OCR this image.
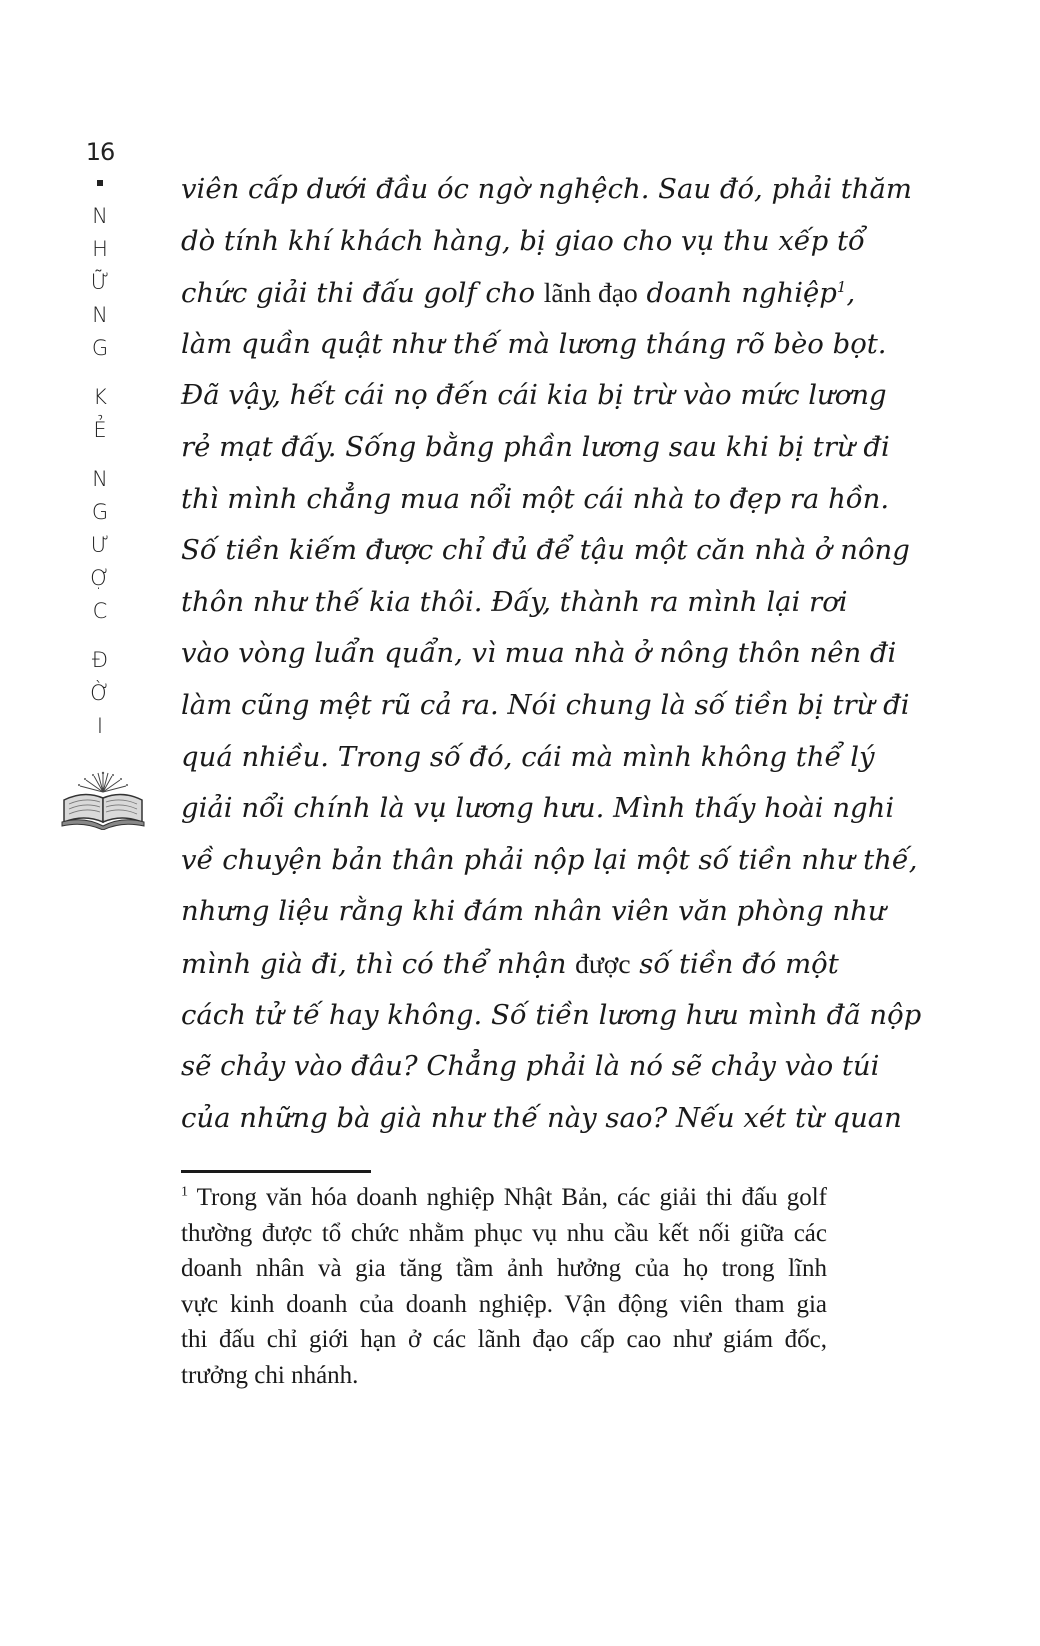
16
N
H
Ữ
N
G
K
Ẻ
N
G
Ư
Ợ
C
Đ
Ờ
I
viên cấp dưới đầu óc ngờ nghệch. Sau đó, phải thăm
dò tính khí khách hàng, bị giao cho vụ thu xếp tổ
chức giải thi đấu golf cho lãnh đạo doanh nghiệp$^1$,
làm quần quật như thế mà lương tháng rõ bèo bọt.
Đã vậy, hết cái nọ đến cái kia bị trừ vào mức lương
rẻ mạt đấy. Sống bằng phần lương sau khi bị trừ đi
thì mình chẳng mua nổi một cái nhà to đẹp ra hồn.
Số tiền kiếm được chỉ đủ để tậu một căn nhà ở nông
thôn như thế kia thôi. Đấy, thành ra mình lại rơi
vào vòng luẩn quẩn, vì mua nhà ở nông thôn nên đi
làm cũng mệt rũ cả ra. Nói chung là số tiền bị trừ đi
quá nhiều. Trong số đó, cái mà mình không thể lý
giải nổi chính là vụ lương hưu. Mình thấy hoài nghi
về chuyện bản thân phải nộp lại một số tiền như thế,
nhưng liệu rằng khi đám nhân viên văn phòng như
mình già đi, thì có thể nhận được số tiền đó một
cách tử tế hay không. Số tiền lương hưu mình đã nộp
sẽ chảy vào đâu? Chẳng phải là nó sẽ chảy vào túi
của những bà già như thế này sao? Nếu xét từ quan
$^1$ Trong văn hóa doanh nghiệp Nhật Bản, các giải thi đấu golf
thường được tổ chức nhằm phục vụ nhu cầu kết nối giữa các
doanh nhân và gia tăng tầm ảnh hưởng của họ trong lĩnh
vực kinh doanh của doanh nghiệp. Vận động viên tham gia
thi đấu chỉ giới hạn ở các lãnh đạo cấp cao như giám đốc,
trưởng chi nhánh.
